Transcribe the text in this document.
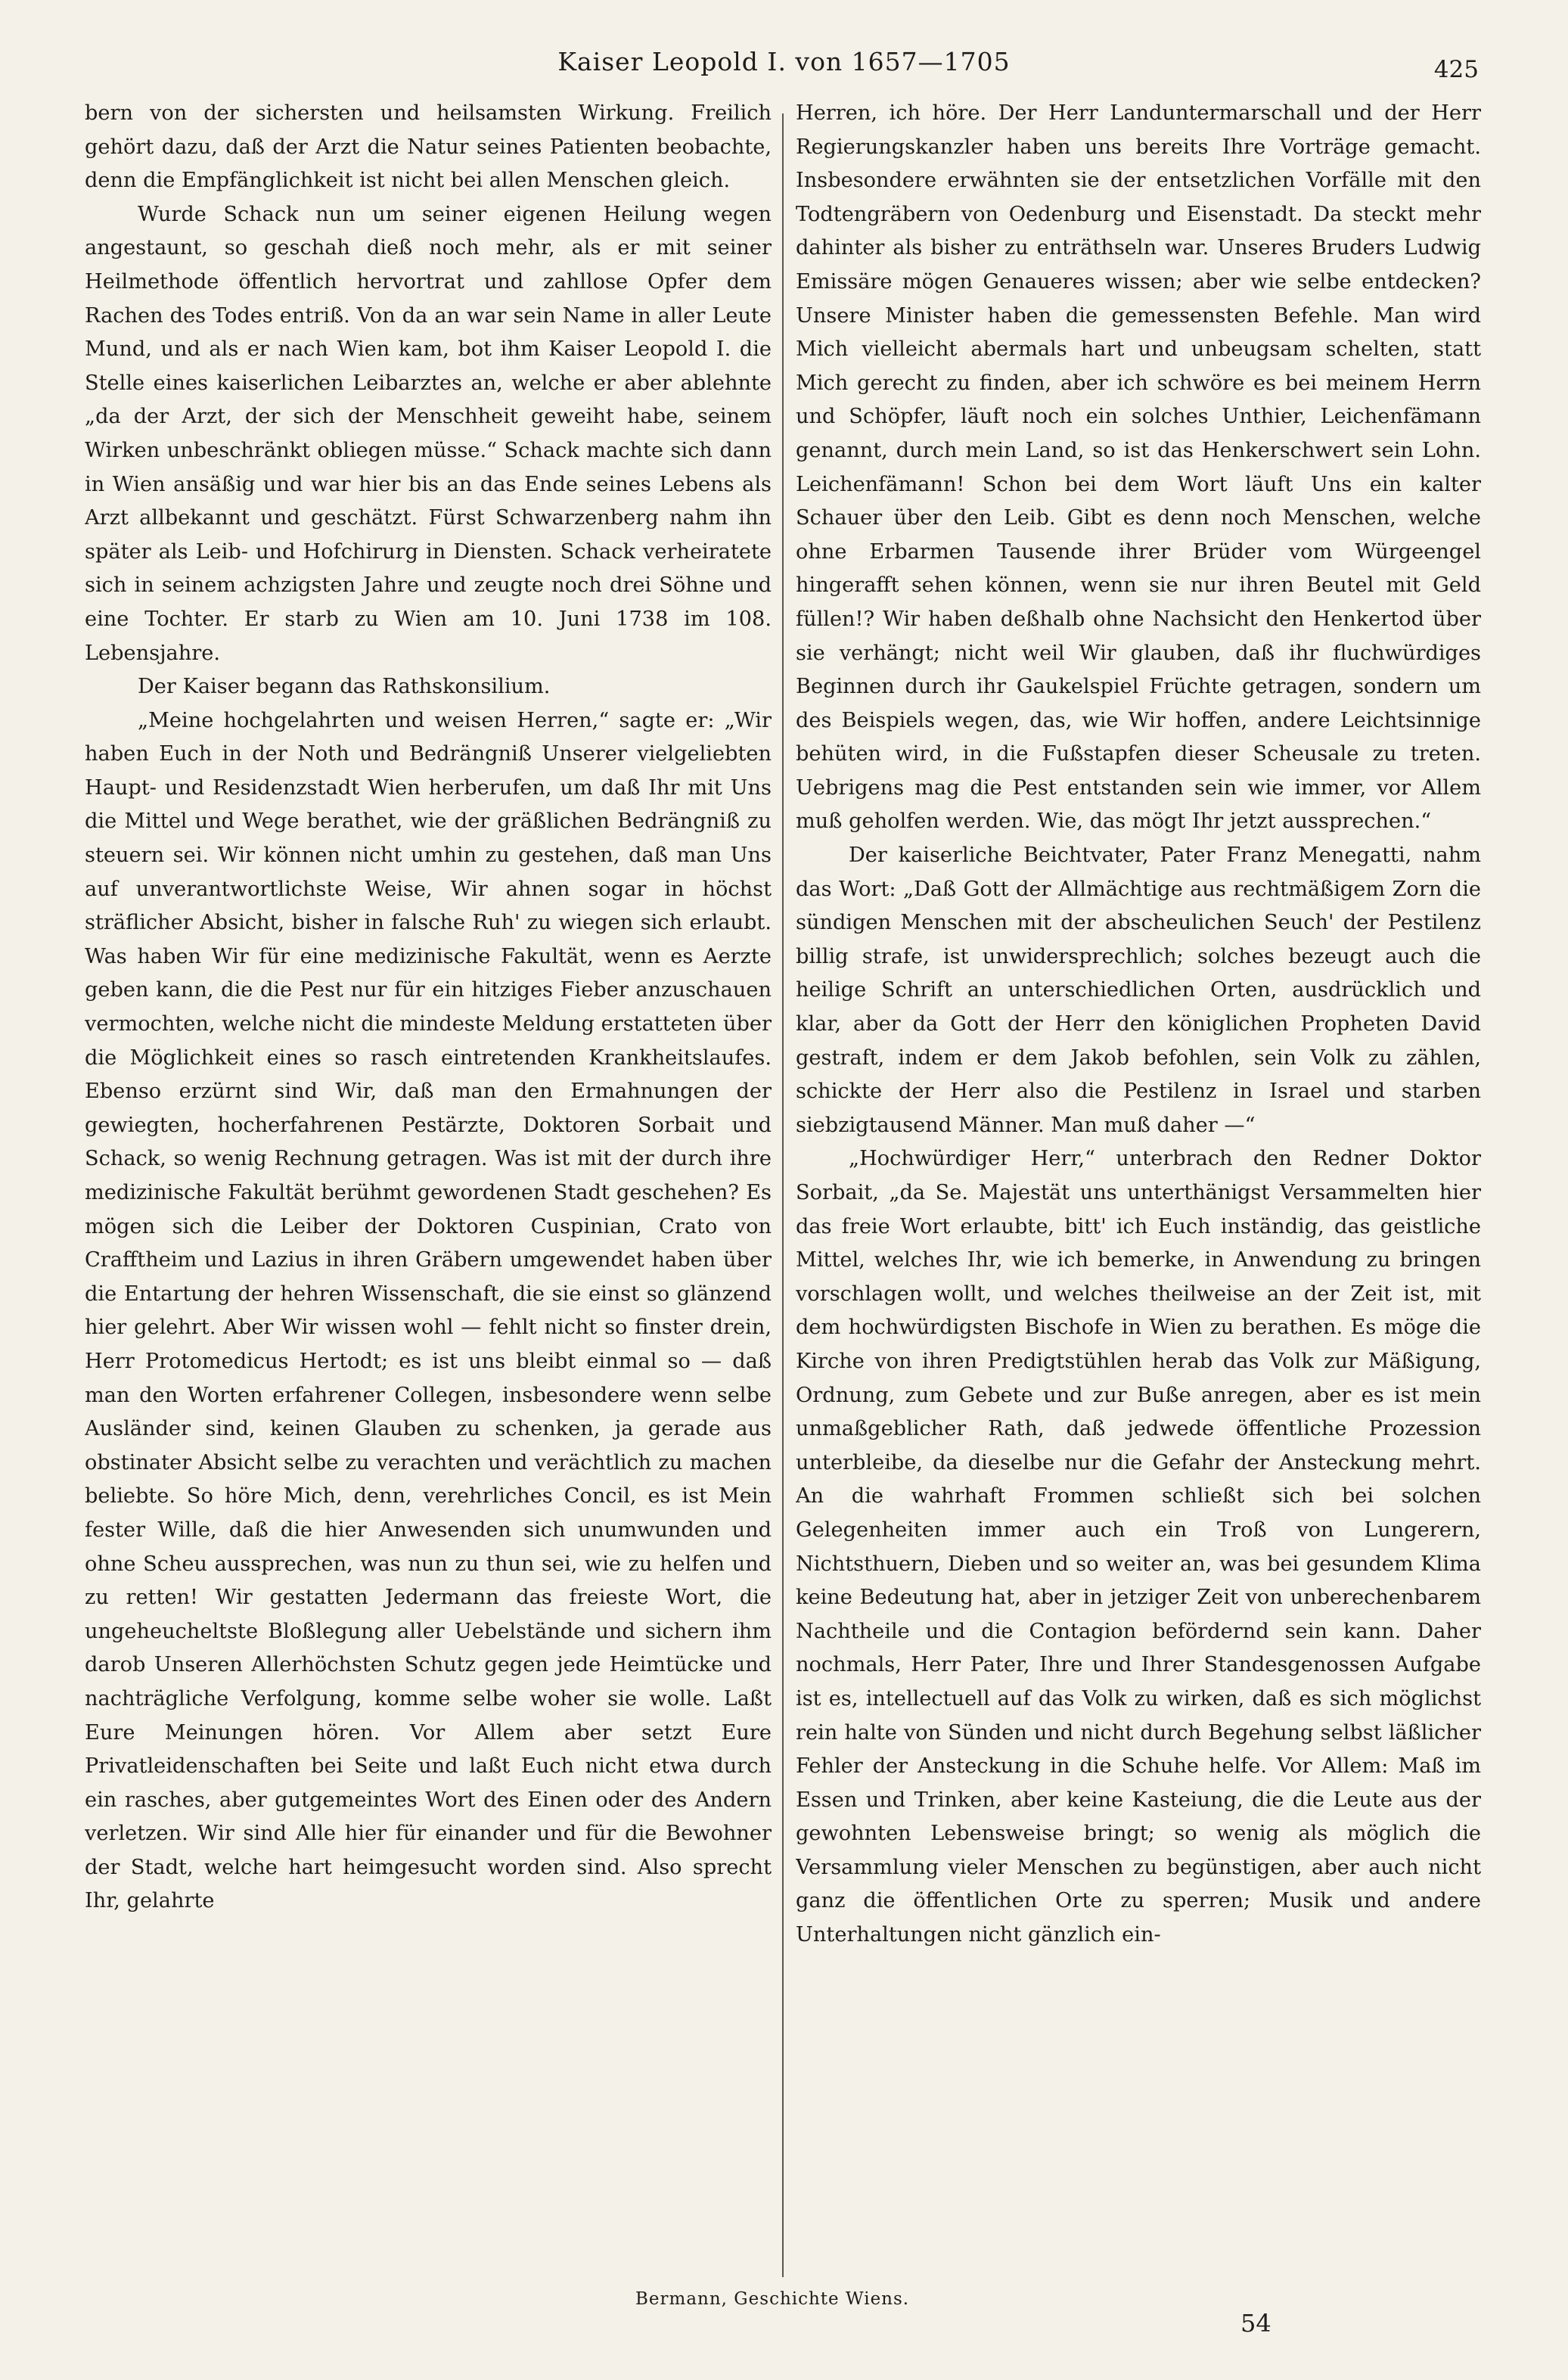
Kaiser Leopold I. von 1657—1705	425

bern von der sichersten und heilsamsten Wirkung. Freilich gehört dazu, daß der Arzt die Natur seines Patienten beobachte, denn die Empfänglichkeit ist nicht bei allen Menschen gleich.

Wurde Schack nun um seiner eigenen Heilung wegen angestaunt, so geschah dieß noch mehr, als er mit seiner Heilmethode öffentlich hervortrat und zahllose Opfer dem Rachen des Todes entriß. Von da an war sein Name in aller Leute Mund, und als er nach Wien kam, bot ihm Kaiser Leopold I. die Stelle eines kaiserlichen Leibarztes an, welche er aber ablehnte „da der Arzt, der sich der Menschheit geweiht habe, seinem Wirken unbeschränkt obliegen müsse.“ Schack machte sich dann in Wien ansäßig und war hier bis an das Ende seines Lebens als Arzt allbekannt und geschätzt. Fürst Schwarzenberg nahm ihn später als Leib- und Hofchirurg in Diensten. Schack verheiratete sich in seinem achzigsten Jahre und zeugte noch drei Söhne und eine Tochter. Er starb zu Wien am 10. Juni 1738 im 108. Lebensjahre.

Der Kaiser begann das Rathskonsilium.

„Meine hochgelahrten und weisen Herren,“ sagte er: „Wir haben Euch in der Noth und Bedrängniß Unserer vielgeliebten Haupt- und Residenzstadt Wien herberufen, um daß Ihr mit Uns die Mittel und Wege berathet, wie der gräßlichen Bedrängniß zu steuern sei. Wir können nicht umhin zu gestehen, daß man Uns auf unverantwortlichste Weise, Wir ahnen sogar in höchst sträflicher Absicht, bisher in falsche Ruh' zu wiegen sich erlaubt. Was haben Wir für eine medizinische Fakultät, wenn es Aerzte geben kann, die die Pest nur für ein hitziges Fieber anzuschauen vermochten, welche nicht die mindeste Meldung erstatteten über die Möglichkeit eines so rasch eintretenden Krankheitslaufes. Ebenso erzürnt sind Wir, daß man den Ermahnungen der gewiegten, hocherfahrenen Pestärzte, Doktoren Sorbait und Schack, so wenig Rechnung getragen. Was ist mit der durch ihre medizinische Fakultät berühmt gewordenen Stadt geschehen? Es mögen sich die Leiber der Doktoren Cuspinian, Crato von Crafftheim und Lazius in ihren Gräbern umgewendet haben über die Entartung der hehren Wissenschaft, die sie einst so glänzend hier gelehrt. Aber Wir wissen wohl — fehlt nicht so finster drein, Herr Protomedicus Hertodt; es ist uns bleibt einmal so — daß man den Worten erfahrener Collegen, insbesondere wenn selbe Ausländer sind, keinen Glauben zu schenken, ja gerade aus obstinater Absicht selbe zu verachten und verächtlich zu machen beliebte. So höre Mich, denn, verehrliches Concil, es ist Mein fester Wille, daß die hier Anwesenden sich unumwunden und ohne Scheu aussprechen, was nun zu thun sei, wie zu helfen und zu retten! Wir gestatten Jedermann das freieste Wort, die ungeheucheltste Bloßlegung aller Uebelstände und sichern ihm darob Unseren Allerhöchsten Schutz gegen jede Heimtücke und nachträgliche Verfolgung, komme selbe woher sie wolle. Laßt Eure Meinungen hören. Vor Allem aber setzt Eure Privatleidenschaften bei Seite und laßt Euch nicht etwa durch ein rasches, aber gutgemeintes Wort des Einen oder des Andern verletzen. Wir sind Alle hier für einander und für die Bewohner der Stadt, welche hart heimgesucht worden sind. Also sprecht Ihr, gelahrte

Herren, ich höre. Der Herr Landuntermarschall und der Herr Regierungskanzler haben uns bereits Ihre Vorträge gemacht. Insbesondere erwähnten sie der entsetzlichen Vorfälle mit den Todtengräbern von Oedenburg und Eisenstadt. Da steckt mehr dahinter als bisher zu enträthseln war. Unseres Bruders Ludwig Emissäre mögen Genaueres wissen; aber wie selbe entdecken? Unsere Minister haben die gemessensten Befehle. Man wird Mich vielleicht abermals hart und unbeugsam schelten, statt Mich gerecht zu finden, aber ich schwöre es bei meinem Herrn und Schöpfer, läuft noch ein solches Unthier, Leichenfämann genannt, durch mein Land, so ist das Henkerschwert sein Lohn. Leichenfämann! Schon bei dem Wort läuft Uns ein kalter Schauer über den Leib. Gibt es denn noch Menschen, welche ohne Erbarmen Tausende ihrer Brüder vom Würgeengel hingerafft sehen können, wenn sie nur ihren Beutel mit Geld füllen!? Wir haben deßhalb ohne Nachsicht den Henkertod über sie verhängt; nicht weil Wir glauben, daß ihr fluchwürdiges Beginnen durch ihr Gaukelspiel Früchte getragen, sondern um des Beispiels wegen, das, wie Wir hoffen, andere Leichtsinnige behüten wird, in die Fußstapfen dieser Scheusale zu treten. Uebrigens mag die Pest entstanden sein wie immer, vor Allem muß geholfen werden. Wie, das mögt Ihr jetzt aussprechen.“

Der kaiserliche Beichtvater, Pater Franz Menegatti, nahm das Wort: „Daß Gott der Allmächtige aus rechtmäßigem Zorn die sündigen Menschen mit der abscheulichen Seuch' der Pestilenz billig strafe, ist unwidersprechlich; solches bezeugt auch die heilige Schrift an unterschiedlichen Orten, ausdrücklich und klar, aber da Gott der Herr den königlichen Propheten David gestraft, indem er dem Jakob befohlen, sein Volk zu zählen, schickte der Herr also die Pestilenz in Israel und starben siebzigtausend Männer. Man muß daher —“

„Hochwürdiger Herr,“ unterbrach den Redner Doktor Sorbait, „da Se. Majestät uns unterthänigst Versammelten hier das freie Wort erlaubte, bitt' ich Euch inständig, das geistliche Mittel, welches Ihr, wie ich bemerke, in Anwendung zu bringen vorschlagen wollt, und welches theilweise an der Zeit ist, mit dem hochwürdigsten Bischofe in Wien zu berathen. Es möge die Kirche von ihren Predigtstühlen herab das Volk zur Mäßigung, Ordnung, zum Gebete und zur Buße anregen, aber es ist mein unmaßgeblicher Rath, daß jedwede öffentliche Prozession unterbleibe, da dieselbe nur die Gefahr der Ansteckung mehrt. An die wahrhaft Frommen schließt sich bei solchen Gelegenheiten immer auch ein Troß von Lungerern, Nichtsthuern, Dieben und so weiter an, was bei gesundem Klima keine Bedeutung hat, aber in jetziger Zeit von unberechenbarem Nachtheile und die Contagion befördernd sein kann. Daher nochmals, Herr Pater, Ihre und Ihrer Standesgenossen Aufgabe ist es, intellectuell auf das Volk zu wirken, daß es sich möglichst rein halte von Sünden und nicht durch Begehung selbst läßlicher Fehler der Ansteckung in die Schuhe helfe. Vor Allem: Maß im Essen und Trinken, aber keine Kasteiung, die die Leute aus der gewohnten Lebensweise bringt; so wenig als möglich die Versammlung vieler Menschen zu begünstigen, aber auch nicht ganz die öffentlichen Orte zu sperren; Musik und andere Unterhaltungen nicht gänzlich ein-

Bermann, Geschichte Wiens.
54
